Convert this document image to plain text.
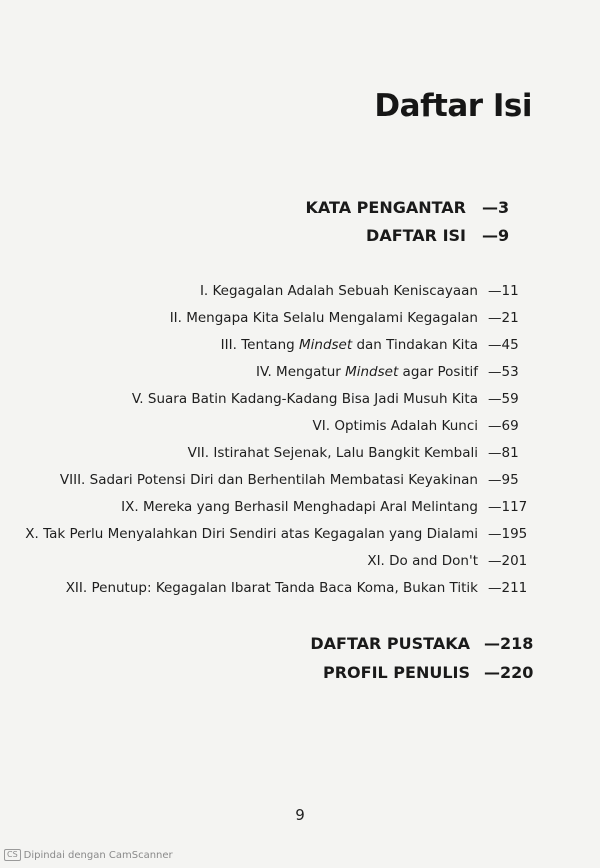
Daftar Isi
KATA PENGANTAR —3
DAFTAR ISI —9
I. Kegagalan Adalah Sebuah Keniscayaan —11
II. Mengapa Kita Selalu Mengalami Kegagalan —21
III. Tentang Mindset dan Tindakan Kita —45
IV. Mengatur Mindset agar Positif —53
V. Suara Batin Kadang-Kadang Bisa Jadi Musuh Kita —59
VI. Optimis Adalah Kunci —69
VII. Istirahat Sejenak, Lalu Bangkit Kembali —81
VIII. Sadari Potensi Diri dan Berhentilah Membatasi Keyakinan —95
IX. Mereka yang Berhasil Menghadapi Aral Melintang —117
X. Tak Perlu Menyalahkan Diri Sendiri atas Kegagalan yang Dialami —195
XI. Do and Don't —201
XII. Penutup: Kegagalan Ibarat Tanda Baca Koma, Bukan Titik —211
DAFTAR PUSTAKA —218
PROFIL PENULIS —220
9
CS Dipindai dengan CamScanner
